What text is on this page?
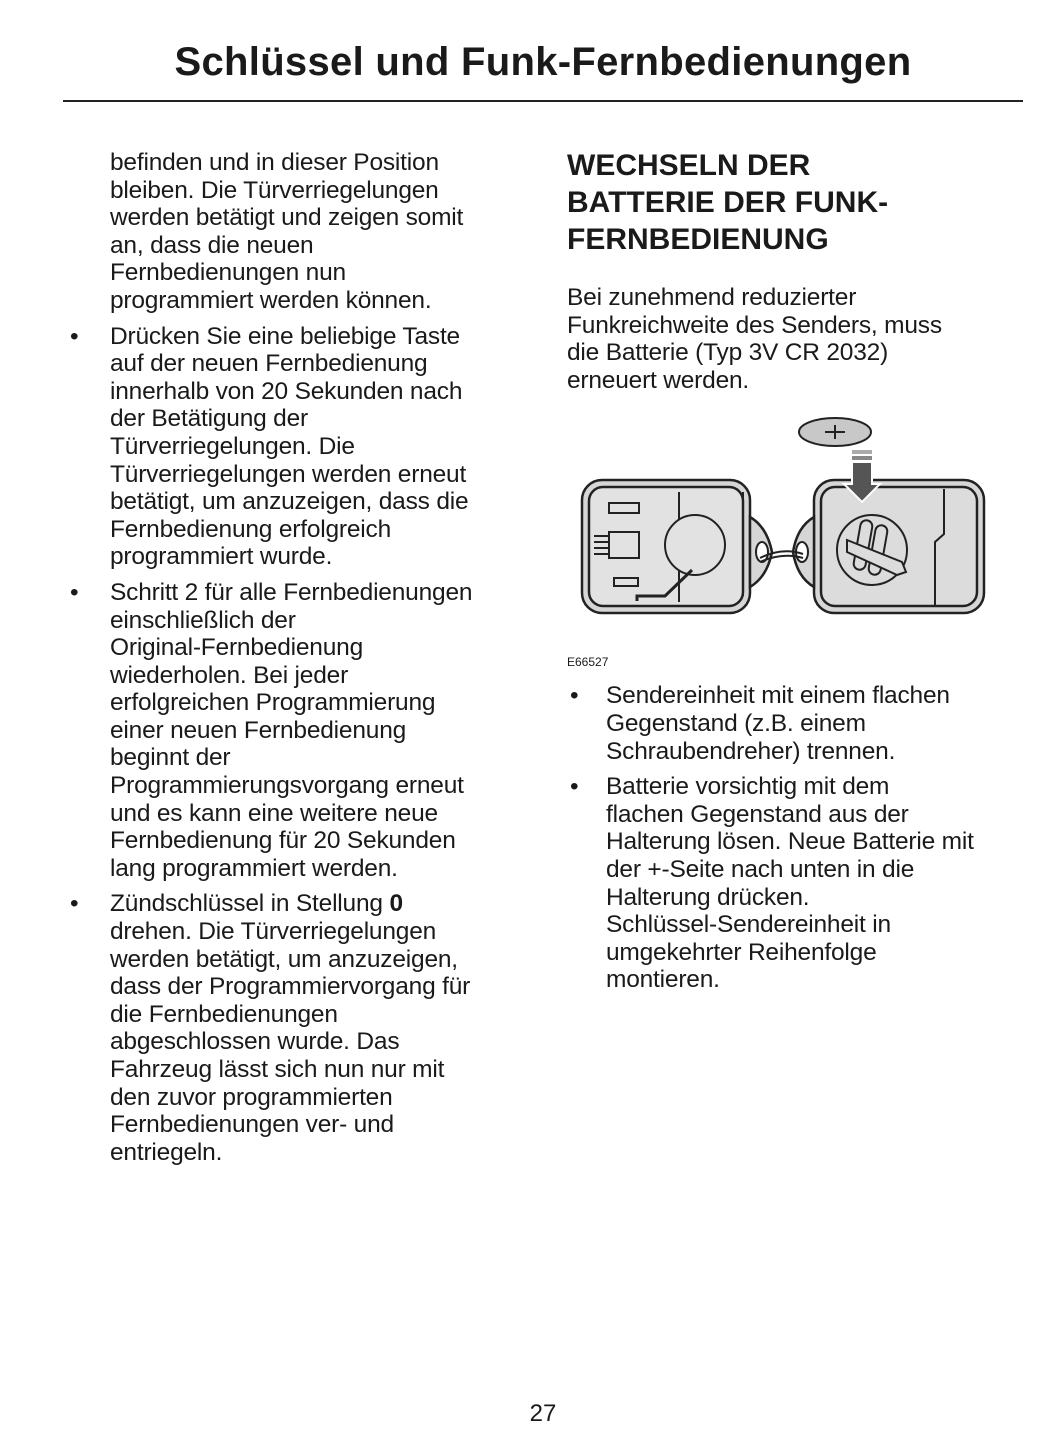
Schlüssel und Funk-Fernbedienungen
befinden und in dieser Position
bleiben. Die Türverriegelungen
werden betätigt und zeigen somit
an, dass die neuen
Fernbedienungen nun
programmiert werden können.
• Drücken Sie eine beliebige Taste
auf der neuen Fernbedienung
innerhalb von 20 Sekunden nach
der Betätigung der
Türverriegelungen. Die
Türverriegelungen werden erneut
betätigt, um anzuzeigen, dass die
Fernbedienung erfolgreich
programmiert wurde.
• Schritt 2 für alle Fernbedienungen
einschließlich der
Original-Fernbedienung
wiederholen. Bei jeder
erfolgreichen Programmierung
einer neuen Fernbedienung
beginnt der
Programmierungsvorgang erneut
und es kann eine weitere neue
Fernbedienung für 20 Sekunden
lang programmiert werden.
• Zündschlüssel in Stellung 0
drehen. Die Türverriegelungen
werden betätigt, um anzuzeigen,
dass der Programmiervorgang für
die Fernbedienungen
abgeschlossen wurde. Das
Fahrzeug lässt sich nun nur mit
den zuvor programmierten
Fernbedienungen ver- und
entriegeln.
WECHSELN DER
BATTERIE DER FUNK-
FERNBEDIENUNG
Bei zunehmend reduzierter
Funkreichweite des Senders, muss
die Batterie (Typ 3V CR 2032)
erneuert werden.
E66527
• Sendereinheit mit einem flachen
Gegenstand (z.B. einem
Schraubendreher) trennen.
• Batterie vorsichtig mit dem
flachen Gegenstand aus der
Halterung lösen. Neue Batterie mit
der +-Seite nach unten in die
Halterung drücken.
Schlüssel-Sendereinheit in
umgekehrter Reihenfolge
montieren.
27
